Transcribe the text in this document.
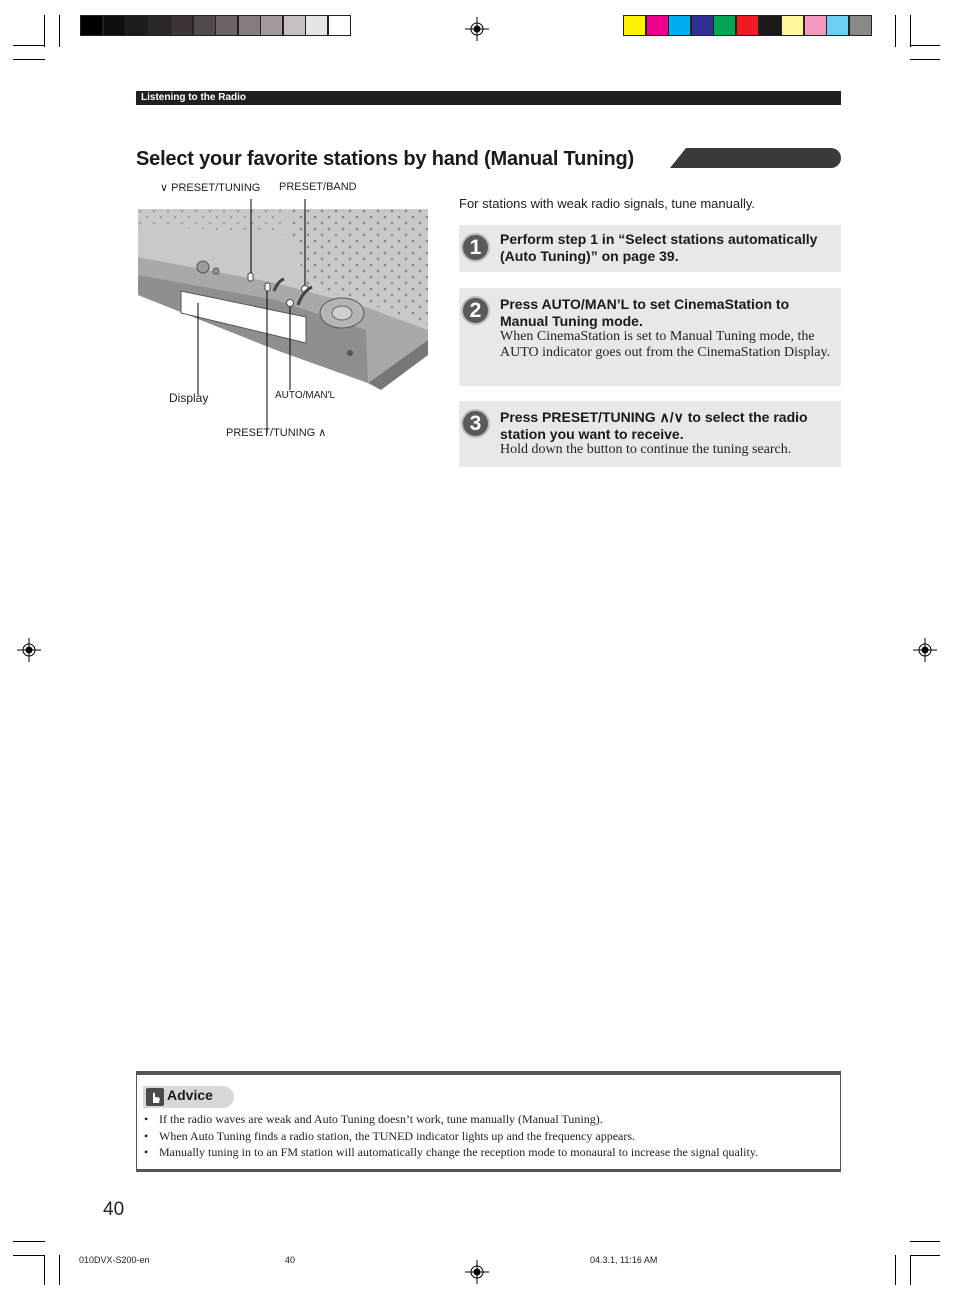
Listening to the Radio
Select your favorite stations by hand (Manual Tuning)
∨ PRESET/TUNING PRESET/BAND
Display	AUTO/MAN'L
PRESET/TUNING ∧
For stations with weak radio signals, tune manually.
1	Perform step 1 in “Select stations automatically (Auto Tuning)” on page 39.
2	Press AUTO/MAN’L to set CinemaStation to Manual Tuning mode.
When CinemaStation is set to Manual Tuning mode, the AUTO indicator goes out from the CinemaStation Display.
3	Press PRESET/TUNING ∧/∨ to select the radio station you want to receive.
Hold down the button to continue the tuning search.
Advice
• If the radio waves are weak and Auto Tuning doesn’t work, tune manually (Manual Tuning).
• When Auto Tuning finds a radio station, the TUNED indicator lights up and the frequency appears.
• Manually tuning in to an FM station will automatically change the reception mode to monaural to increase the signal quality.
40
010DVX-S200-en	40	04.3.1, 11:16 AM
